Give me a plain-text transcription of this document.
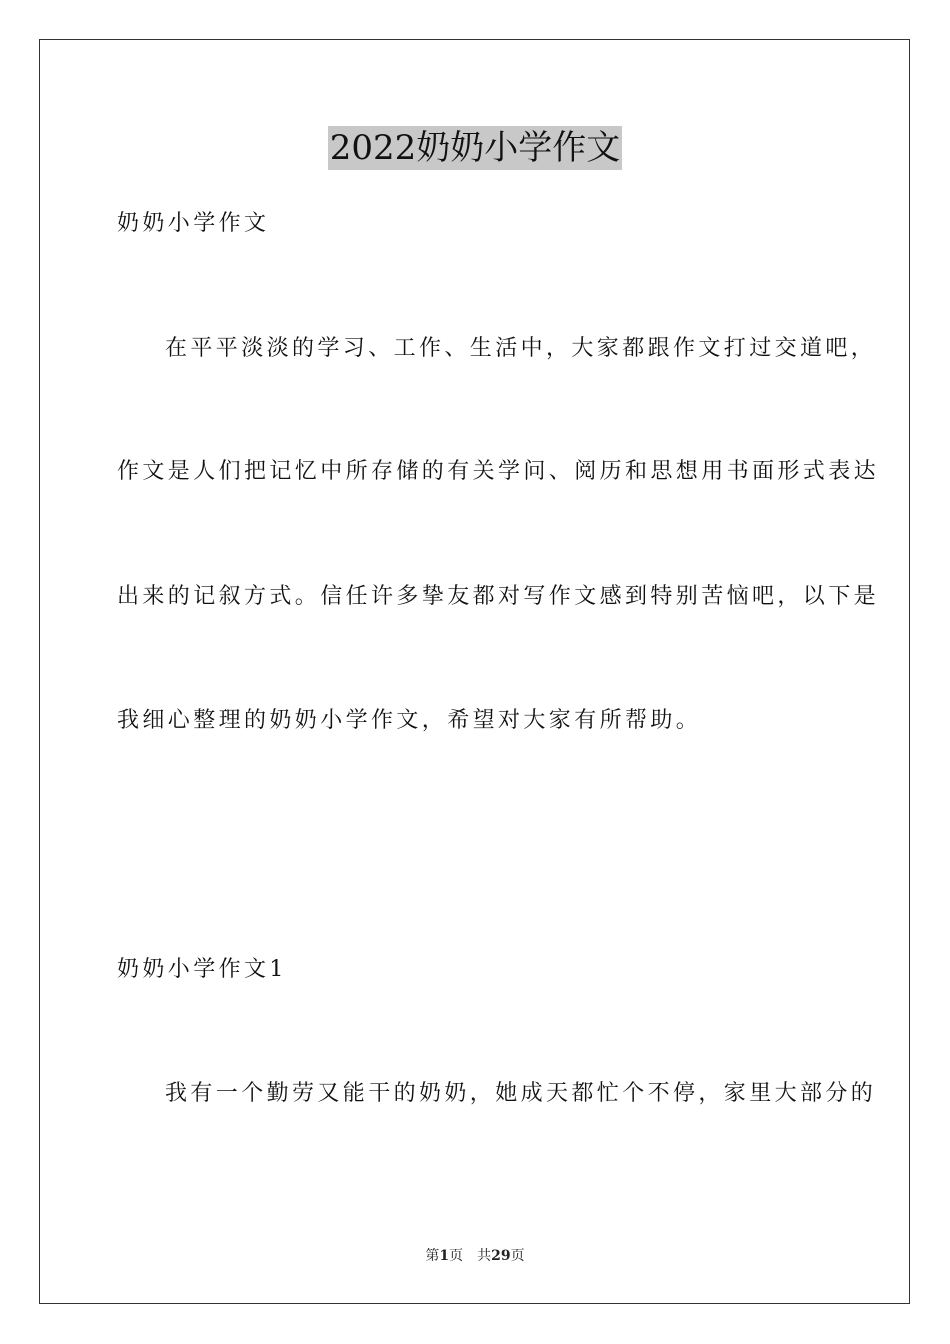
2022奶奶小学作文
奶奶小学作文
在平平淡淡的学习、工作、生活中，大家都跟作文打过交道吧，
作文是人们把记忆中所存储的有关学问、阅历和思想用书面形式表达
出来的记叙方式。信任许多挚友都对写作文感到特别苦恼吧，以下是
我细心整理的奶奶小学作文，希望对大家有所帮助。
奶奶小学作文1
我有一个勤劳又能干的奶奶，她成天都忙个不停，家里大部分的
第1页　共29页
